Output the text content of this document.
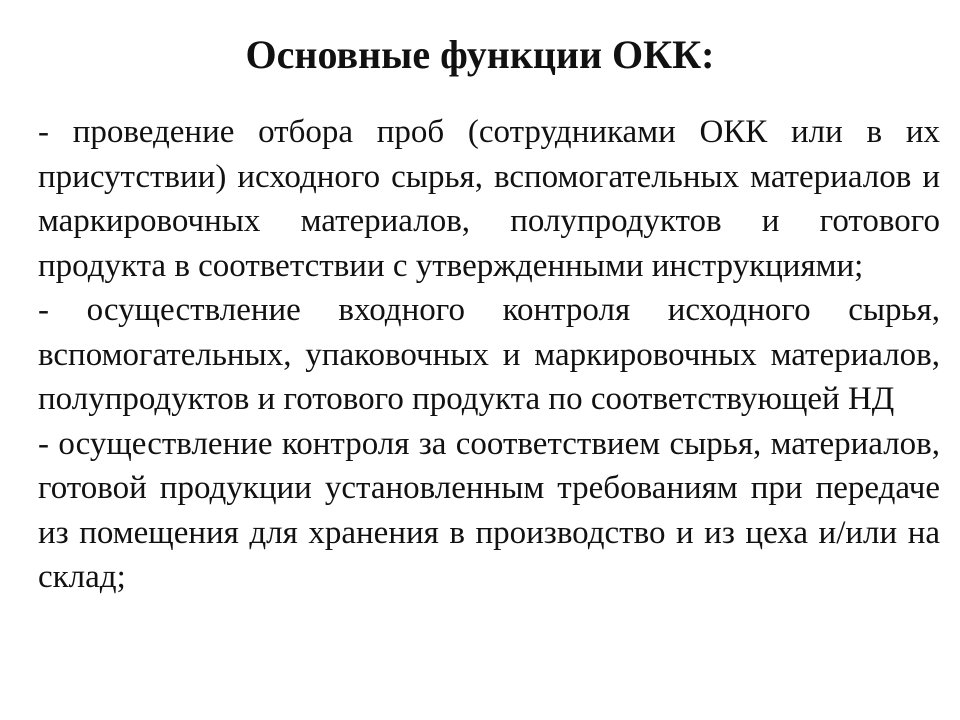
Основные функции ОКК:

- проведение отбора проб (сотрудниками ОКК или в их присутствии) исходного сырья, вспомогательных материалов и маркировочных материалов, полупродуктов и готового продукта в соответствии с утвержденными инструкциями;

- осуществление входного контроля исходного сырья, вспомогательных, упаковочных и маркировочных материалов, полупродуктов и готового продукта по соответствующей НД

- осуществление контроля за соответствием сырья, материалов, готовой продукции установленным требованиям при передаче из помещения для хранения в производство и из цеха и/или на склад;
